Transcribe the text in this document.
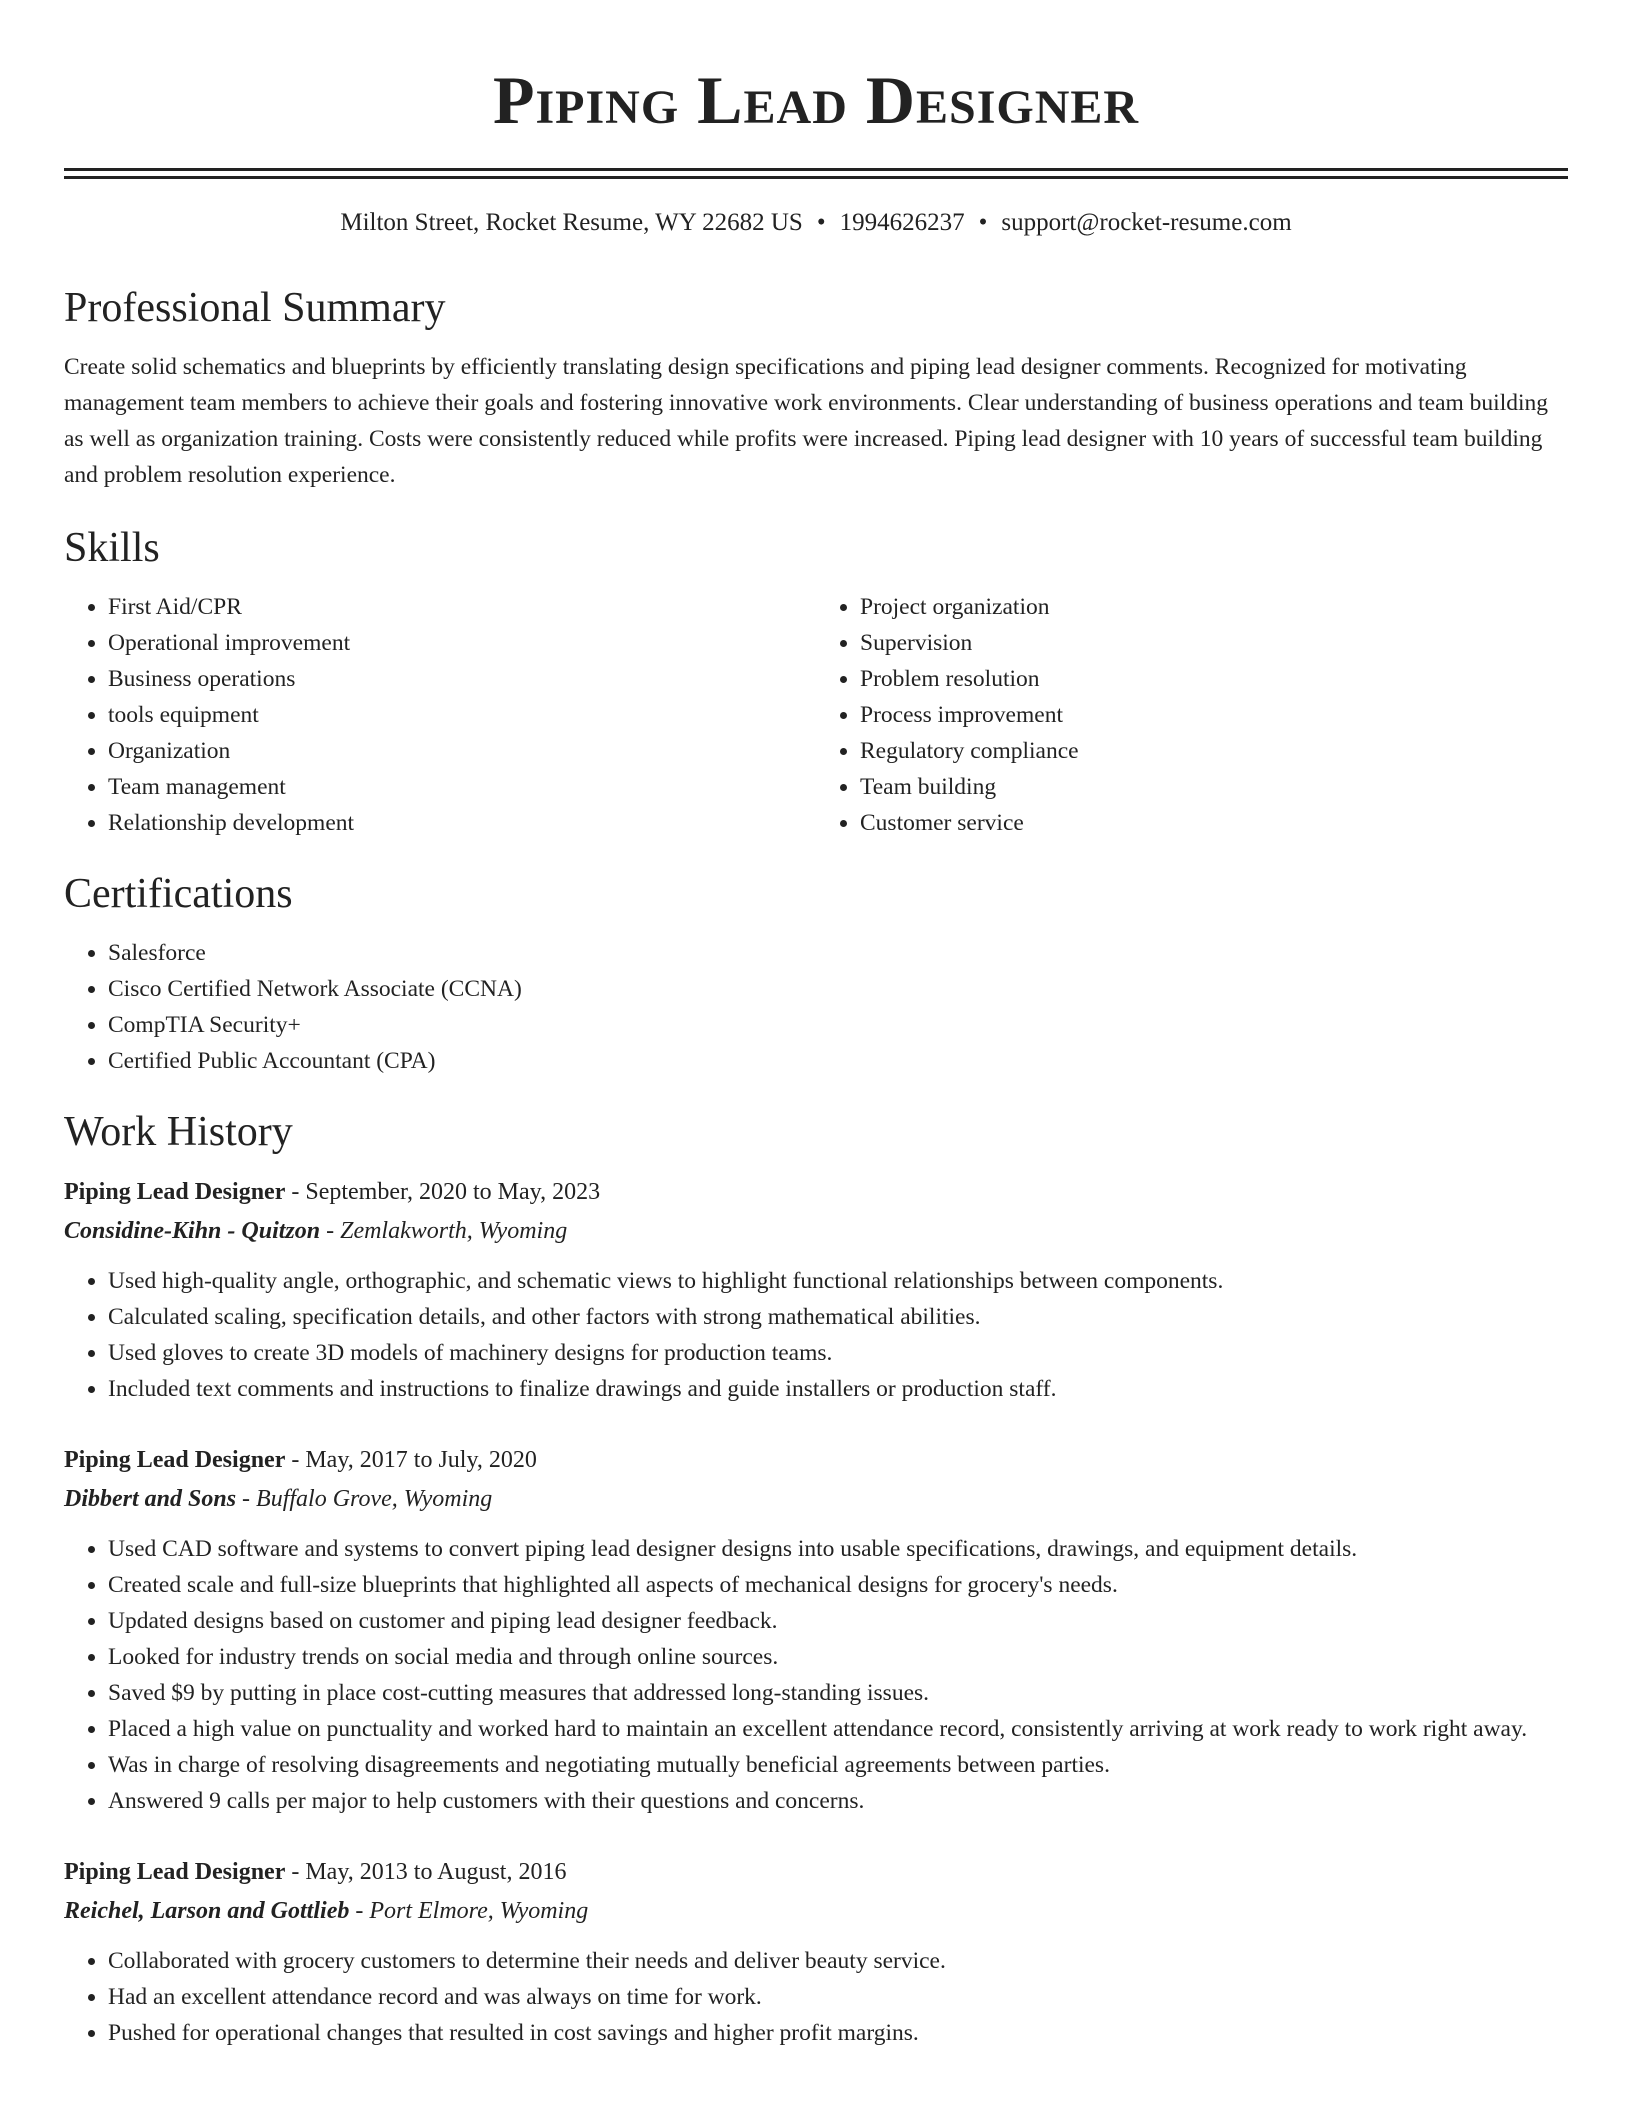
Piping Lead Designer
Milton Street, Rocket Resume, WY 22682 US • 1994626237 • support@rocket-resume.com
Professional Summary

Create solid schematics and blueprints by efficiently translating design specifications and piping lead designer comments. Recognized for motivating management team members to achieve their goals and fostering innovative work environments. Clear understanding of business operations and team building as well as organization training. Costs were consistently reduced while profits were increased. Piping lead designer with 10 years of successful team building and problem resolution experience.

Skills
• First Aid/CPR
• Operational improvement
• Business operations
• tools equipment
• Organization
• Team management
• Relationship development
• Project organization
• Supervision
• Problem resolution
• Process improvement
• Regulatory compliance
• Team building
• Customer service
Certifications
• Salesforce
• Cisco Certified Network Associate (CCNA)
• CompTIA Security+
• Certified Public Accountant (CPA)
Work History
Piping Lead Designer - September, 2020 to May, 2023
Considine-Kihn - Quitzon - Zemlakworth, Wyoming
• Used high-quality angle, orthographic, and schematic views to highlight functional relationships between components.
• Calculated scaling, specification details, and other factors with strong mathematical abilities.
• Used gloves to create 3D models of machinery designs for production teams.
• Included text comments and instructions to finalize drawings and guide installers or production staff.
Piping Lead Designer - May, 2017 to July, 2020
Dibbert and Sons - Buffalo Grove, Wyoming
• Used CAD software and systems to convert piping lead designer designs into usable specifications, drawings, and equipment details.
• Created scale and full-size blueprints that highlighted all aspects of mechanical designs for grocery's needs.
• Updated designs based on customer and piping lead designer feedback.
• Looked for industry trends on social media and through online sources.
• Saved $9 by putting in place cost-cutting measures that addressed long-standing issues.
• Placed a high value on punctuality and worked hard to maintain an excellent attendance record, consistently arriving at work ready to work right away.
• Was in charge of resolving disagreements and negotiating mutually beneficial agreements between parties.
• Answered 9 calls per major to help customers with their questions and concerns.
Piping Lead Designer - May, 2013 to August, 2016
Reichel, Larson and Gottlieb - Port Elmore, Wyoming
• Collaborated with grocery customers to determine their needs and deliver beauty service.
• Had an excellent attendance record and was always on time for work.
• Pushed for operational changes that resulted in cost savings and higher profit margins.
